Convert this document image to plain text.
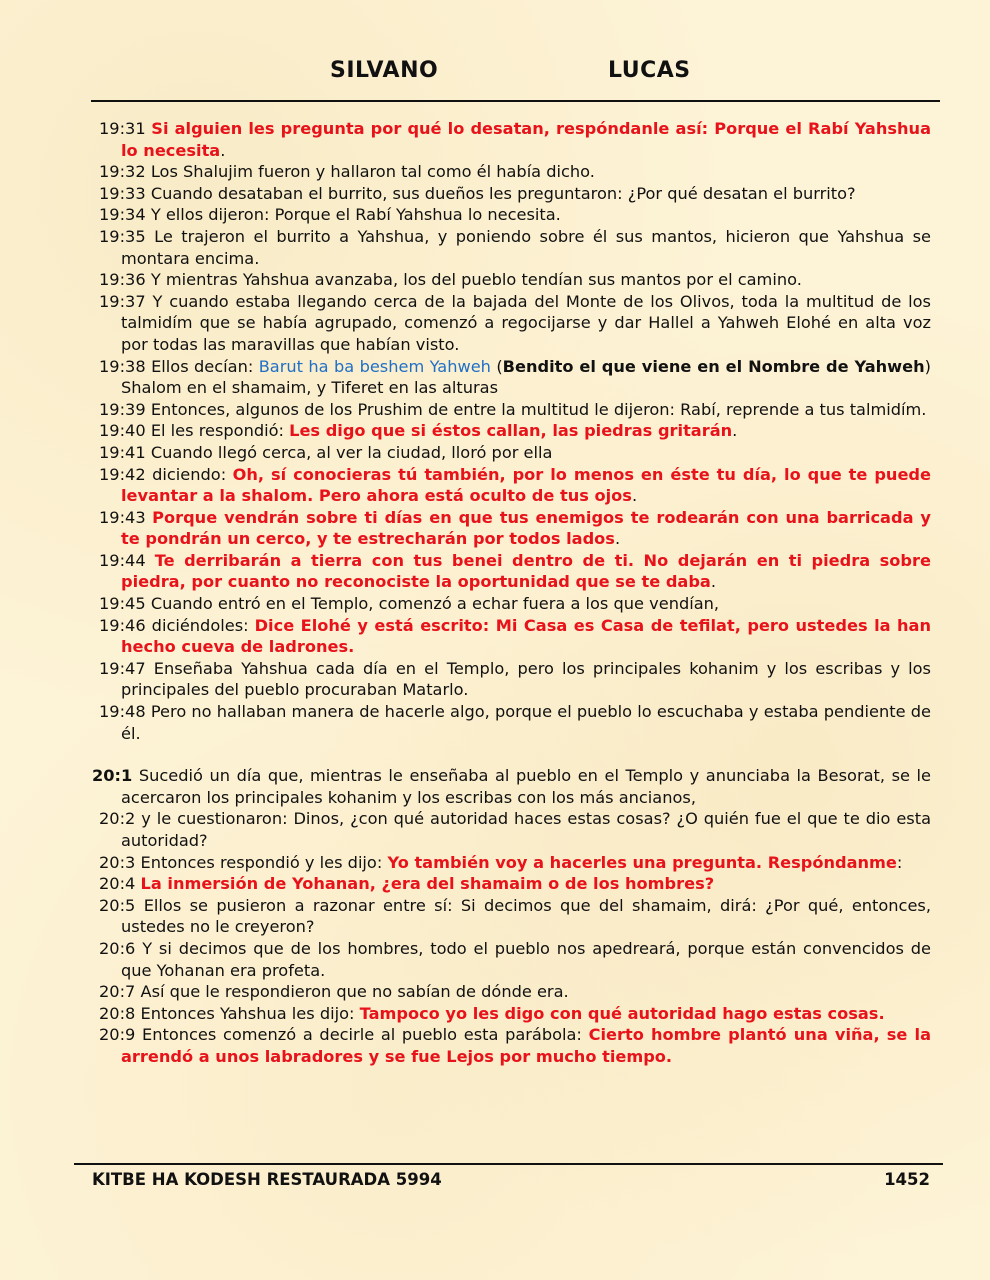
SILVANO	LUCAS

19:31 Si alguien les pregunta por qué lo desatan, respóndanle así: Porque el Rabí Yahshua lo necesita.

19:32 Los Shalujim fueron y hallaron tal como él había dicho.

19:33 Cuando desataban el burrito, sus dueños les preguntaron: ¿Por qué desatan el burrito?

19:34 Y ellos dijeron: Porque el Rabí Yahshua lo necesita.

19:35 Le trajeron el burrito a Yahshua, y poniendo sobre él sus mantos, hicieron que Yahshua se montara encima.

19:36 Y mientras Yahshua avanzaba, los del pueblo tendían sus mantos por el camino.

19:37 Y cuando estaba llegando cerca de la bajada del Monte de los Olivos, toda la multitud de los talmidím que se había agrupado, comenzó a regocijarse y dar Hallel a Yahweh Elohé en alta voz por todas las maravillas que habían visto.

19:38 Ellos decían: Barut ha ba beshem Yahweh (Bendito el que viene en el Nombre de Yahweh) Shalom en el shamaim, y Tiferet en las alturas

19:39 Entonces, algunos de los Prushim de entre la multitud le dijeron: Rabí, reprende a tus talmidím.

19:40 El les respondió: Les digo que si éstos callan, las piedras gritarán.

19:41 Cuando llegó cerca, al ver la ciudad, lloró por ella

19:42 diciendo: Oh, sí conocieras tú también, por lo menos en éste tu día, lo que te puede levantar a la shalom. Pero ahora está oculto de tus ojos.

19:43 Porque vendrán sobre ti días en que tus enemigos te rodearán con una barricada y te pondrán un cerco, y te estrecharán por todos lados.

19:44 Te derribarán a tierra con tus benei dentro de ti. No dejarán en ti piedra sobre piedra, por cuanto no reconociste la oportunidad que se te daba.

19:45 Cuando entró en el Templo, comenzó a echar fuera a los que vendían,

19:46 diciéndoles: Dice Elohé y está escrito: Mi Casa es Casa de tefilat, pero ustedes la han hecho cueva de ladrones.

19:47 Enseñaba Yahshua cada día en el Templo, pero los principales kohanim y los escribas y los principales del pueblo procuraban Matarlo.

19:48 Pero no hallaban manera de hacerle algo, porque el pueblo lo escuchaba y estaba pendiente de él.

20:1 Sucedió un día que, mientras le enseñaba al pueblo en el Templo y anunciaba la Besorat, se le acercaron los principales kohanim y los escribas con los más ancianos,

20:2 y le cuestionaron: Dinos, ¿con qué autoridad haces estas cosas? ¿O quién fue el que te dio esta autoridad?

20:3 Entonces respondió y les dijo: Yo también voy a hacerles una pregunta. Respóndanme:

20:4 La inmersión de Yohanan, ¿era del shamaim o de los hombres?

20:5 Ellos se pusieron a razonar entre sí: Si decimos que del shamaim, dirá: ¿Por qué, entonces, ustedes no le creyeron?

20:6 Y si decimos que de los hombres, todo el pueblo nos apedreará, porque están convencidos de que Yohanan era profeta.

20:7 Así que le respondieron que no sabían de dónde era.

20:8 Entonces Yahshua les dijo: Tampoco yo les digo con qué autoridad hago estas cosas.

20:9 Entonces comenzó a decirle al pueblo esta parábola: Cierto hombre plantó una viña, se la arrendó a unos labradores y se fue Lejos por mucho tiempo.

KITBE HA KODESH RESTAURADA 5994	1452
